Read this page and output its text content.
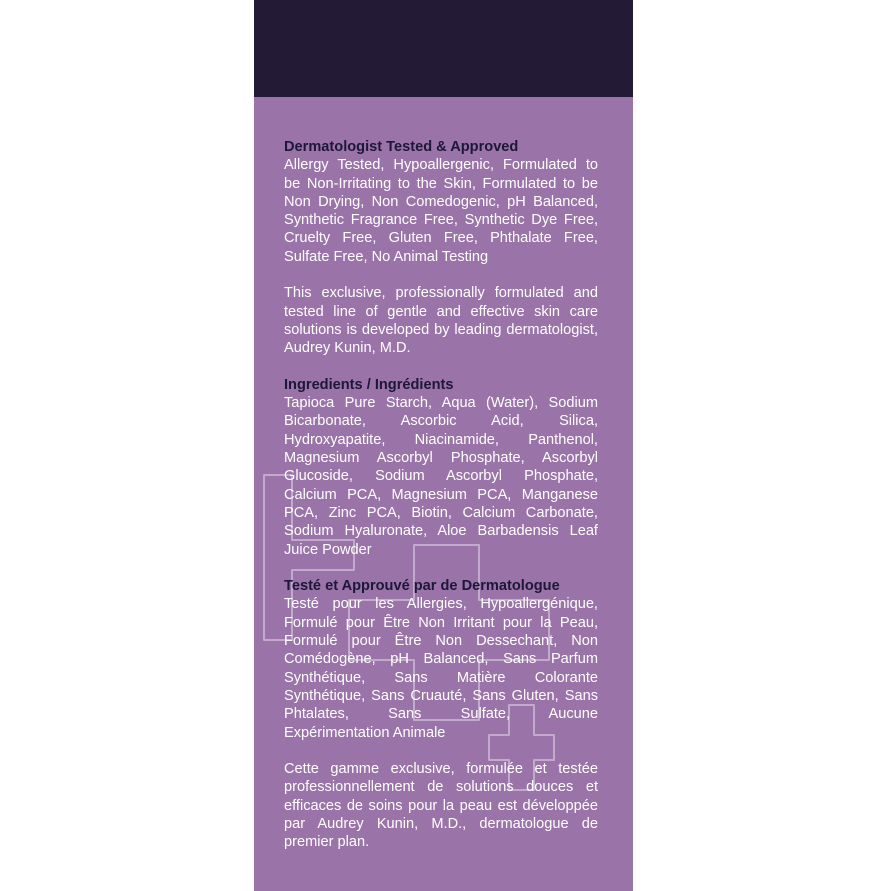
Dermatologist Tested & Approved

Allergy Tested, Hypoallergenic, Formulated to be Non-Irritating to the Skin, Formulated to be Non Drying, Non Comedogenic, pH Balanced, Synthetic Fragrance Free, Synthetic Dye Free, Cruelty Free, Gluten Free, Phthalate Free, Sulfate Free, No Animal Testing

This exclusive, professionally formulated and tested line of gentle and effective skin care solutions is developed by leading dermatologist, Audrey Kunin, M.D.

Ingredients / Ingrédients

Tapioca Pure Starch, Aqua (Water), Sodium Bicarbonate, Ascorbic Acid, Silica, Hydroxyapatite, Niacinamide, Panthenol, Magnesium Ascorbyl Phosphate, Ascorbyl Glucoside, Sodium Ascorbyl Phosphate, Calcium PCA, Magnesium PCA, Manganese PCA, Zinc PCA, Biotin, Calcium Carbonate, Sodium Hyaluronate, Aloe Barbadensis Leaf Juice Powder

Testé et Approuvé par de Dermatologue

Testé pour les Allergies, Hypoallergénique, Formulé pour Être Non Irritant pour la Peau, Formulé pour Être Non Dessechant, Non Comédogène, pH Balanced, Sans Parfum Synthétique, Sans Matière Colorante Synthétique, Sans Cruauté, Sans Gluten, Sans Phtalates, Sans Sulfate, Aucune Expérimentation Animale

Cette gamme exclusive, formulée et testée professionnellement de solutions douces et efficaces de soins pour la peau est développée par Audrey Kunin, M.D., dermatologue de premier plan.
